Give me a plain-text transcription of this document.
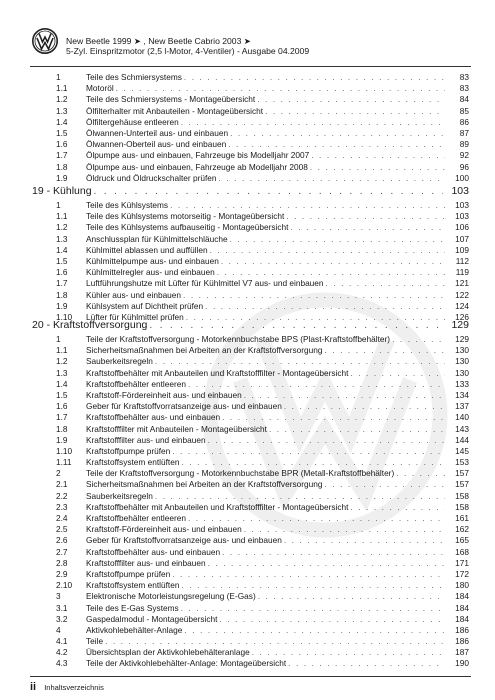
New Beetle 1999 ➤ , New Beetle Cabrio 2003 ➤
5-Zyl. Einspritzmotor (2,5 l-Motor, 4-Ventiler) - Ausgabe 04.2009
1	Teile des Schmiersystems . . .	83
1.1	Motoröl . . .	83
1.2	Teile des Schmiersystems - Montageübersicht . . .	84
1.3	Ölfilterhalter mit Anbauteilen - Montageübersicht . . .	85
1.4	Ölfiltergehäuse entleeren . . .	86
1.5	Ölwannen-Unterteil aus- und einbauen . . .	87
1.6	Ölwannen-Oberteil aus- und einbauen . . .	89
1.7	Ölpumpe aus- und einbauen, Fahrzeuge bis Modelljahr 2007 . . .	92
1.8	Ölpumpe aus- und einbauen, Fahrzeuge ab Modelljahr 2008 . . .	96
1.9	Öldruck und Öldruckschalter prüfen . . .	100
19 - Kühlung . . .	103
1	Teile des Kühlsystems . . .	103
1.1	Teile des Kühlsystems motorseitig - Montageübersicht . . .	103
1.2	Teile des Kühlsystems aufbauseitig - Montageübersicht . . .	106
1.3	Anschlussplan für Kühlmittelschläuche . . .	107
1.4	Kühlmittel ablassen und auffüllen . . .	109
1.5	Kühlmittelpumpe aus- und einbauen . . .	112
1.6	Kühlmittelregler aus- und einbauen . . .	119
1.7	Luftführungshutze mit Lüfter für Kühlmittel V7 aus- und einbauen . . .	121
1.8	Kühler aus- und einbauen . . .	122
1.9	Kühlsystem auf Dichtheit prüfen . . .	124
1.10	Lüfter für Kühlmittel prüfen . . .	126
20 - Kraftstoffversorgung . . .	129
1	Teile der Kraftstoffversorgung - Motorkennbuchstabe BPS (Plast-Kraftstoffbehälter) . . .	129
1.1	Sicherheitsmaßnahmen bei Arbeiten an der Kraftstoffversorgung . . .	130
1.2	Sauberkeitsregeln . . .	130
1.3	Kraftstoffbehälter mit Anbauteilen und Kraftstofffilter - Montageübersicht . . .	130
1.4	Kraftstoffbehälter entleeren . . .	133
1.5	Kraftstoff-Fördereinheit aus- und einbauen . . .	134
1.6	Geber für Kraftstoffvorratsanzeige aus- und einbauen . . .	137
1.7	Kraftstoffbehälter aus- und einbauen . . .	140
1.8	Kraftstofffilter mit Anbauteilen - Montageübersicht . . .	143
1.9	Kraftstofffilter aus- und einbauen . . .	144
1.10	Kraftstoffpumpe prüfen . . .	145
1.11	Kraftstoffsystem entlüften . . .	153
2	Teile der Kraftstoffversorgung - Motorkennbuchstabe BPR (Metall-Kraftstoffbehälter) . . .	157
2.1	Sicherheitsmaßnahmen bei Arbeiten an der Kraftstoffversorgung . . .	157
2.2	Sauberkeitsregeln . . .	158
2.3	Kraftstoffbehälter mit Anbauteilen und Kraftstofffilter - Montageübersicht . . .	158
2.4	Kraftstoffbehälter entleeren . . .	161
2.5	Kraftstoff-Fördereinheit aus- und einbauen . . .	162
2.6	Geber für Kraftstoffvorratsanzeige aus- und einbauen . . .	165
2.7	Kraftstoffbehälter aus- und einbauen . . .	168
2.8	Kraftstofffilter aus- und einbauen . . .	171
2.9	Kraftstoffpumpe prüfen . . .	172
2.10	Kraftstoffsystem entlüften . . .	180
3	Elektronische Motorleistungsregelung (E-Gas) . . .	184
3.1	Teile des E-Gas Systems . . .	184
3.2	Gaspedalmodul - Montageübersicht . . .	184
4	Aktivkohlebehälter-Anlage . . .	186
4.1	Teile . . .	186
4.2	Übersichtsplan der Aktivkohlebehälteranlage . . .	187
4.3	Teile der Aktivkohlebehälter-Anlage: Montageübersicht . . .	190
ii Inhaltsverzeichnis
